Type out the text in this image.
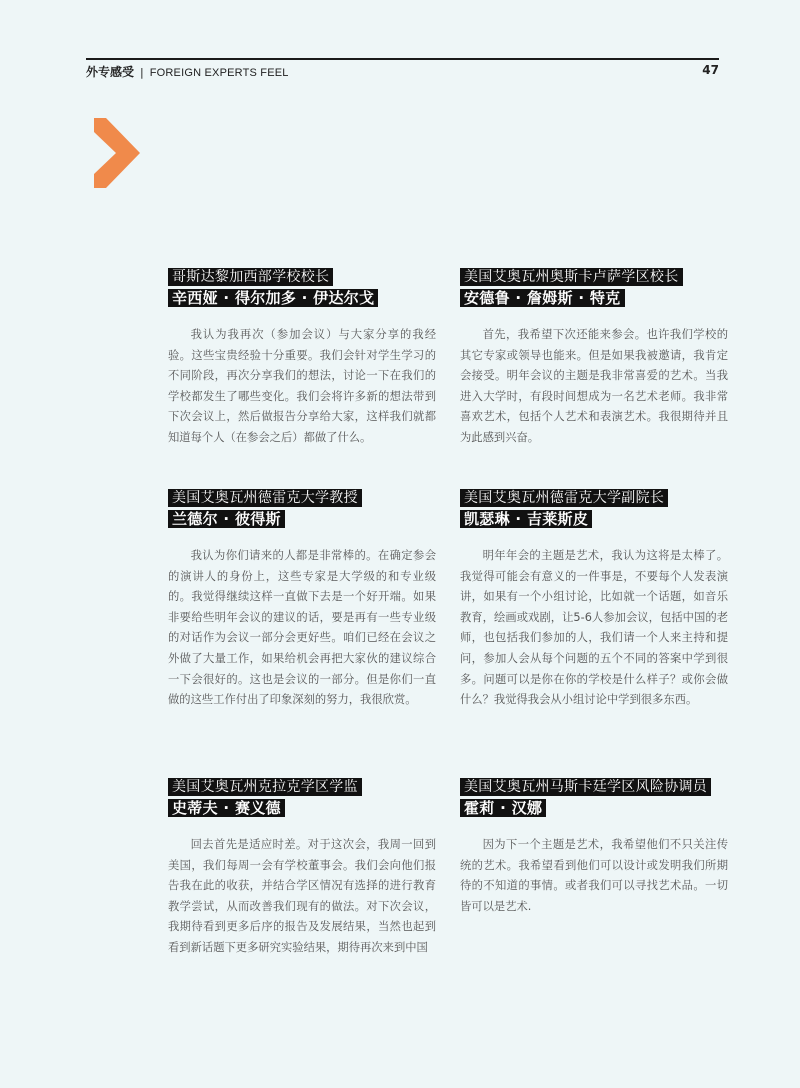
外专感受 | FOREIGN EXPERTS FEEL	47
哥斯达黎加西部学校校长
辛西娅 · 得尔加多 · 伊达尔戈

我认为我再次（参加会议）与大家分享的我经验。这些宝贵经验十分重要。我们会针对学生学习的不同阶段，再次分享我们的想法，讨论一下在我们的学校都发生了哪些变化。我们会将许多新的想法带到下次会议上，然后做报告分享给大家，这样我们就都知道每个人（在参会之后）都做了什么。

美国艾奥瓦州奥斯卡卢萨学区校长
安德鲁 · 詹姆斯 · 特克

首先，我希望下次还能来参会。也许我们学校的其它专家或领导也能来。但是如果我被邀请，我肯定会接受。明年会议的主题是我非常喜爱的艺术。当我进入大学时，有段时间想成为一名艺术老师。我非常喜欢艺术，包括个人艺术和表演艺术。我很期待并且为此感到兴奋。

美国艾奥瓦州德雷克大学教授
兰德尔 · 彼得斯

我认为你们请来的人都是非常棒的。在确定参会的演讲人的身份上，这些专家是大学级的和专业级的。我觉得继续这样一直做下去是一个好开端。如果非要给些明年会议的建议的话，要是再有一些专业级的对话作为会议一部分会更好些。咱们已经在会议之外做了大量工作，如果给机会再把大家伙的建议综合一下会很好的。这也是会议的一部分。但是你们一直做的这些工作付出了印象深刻的努力，我很欣赏。

美国艾奥瓦州德雷克大学副院长
凯瑟琳 · 吉莱斯皮

明年年会的主题是艺术，我认为这将是太棒了。我觉得可能会有意义的一件事是，不要每个人发表演讲，如果有一个小组讨论，比如就一个话题，如音乐教育，绘画或戏剧，让5-6人参加会议，包括中国的老师，也包括我们参加的人，我们请一个人来主持和提问，参加人会从每个问题的五个不同的答案中学到很多。问题可以是你在你的学校是什么样子？或你会做什么？我觉得我会从小组讨论中学到很多东西。

美国艾奥瓦州克拉克学区学监
史蒂夫 · 赛义德

回去首先是适应时差。对于这次会，我周一回到美国，我们每周一会有学校董事会。我们会向他们报告我在此的收获，并结合学区情况有选择的进行教育教学尝试，从而改善我们现有的做法。对下次会议，我期待看到更多后序的报告及发展结果，当然也起到看到新话题下更多研究实验结果，期待再次来到中国

美国艾奥瓦州马斯卡廷学区风险协调员
霍莉 · 汉娜

因为下一个主题是艺术，我希望他们不只关注传统的艺术。我希望看到他们可以设计或发明我们所期待的不知道的事情。或者我们可以寻找艺术品。一切皆可以是艺术.
